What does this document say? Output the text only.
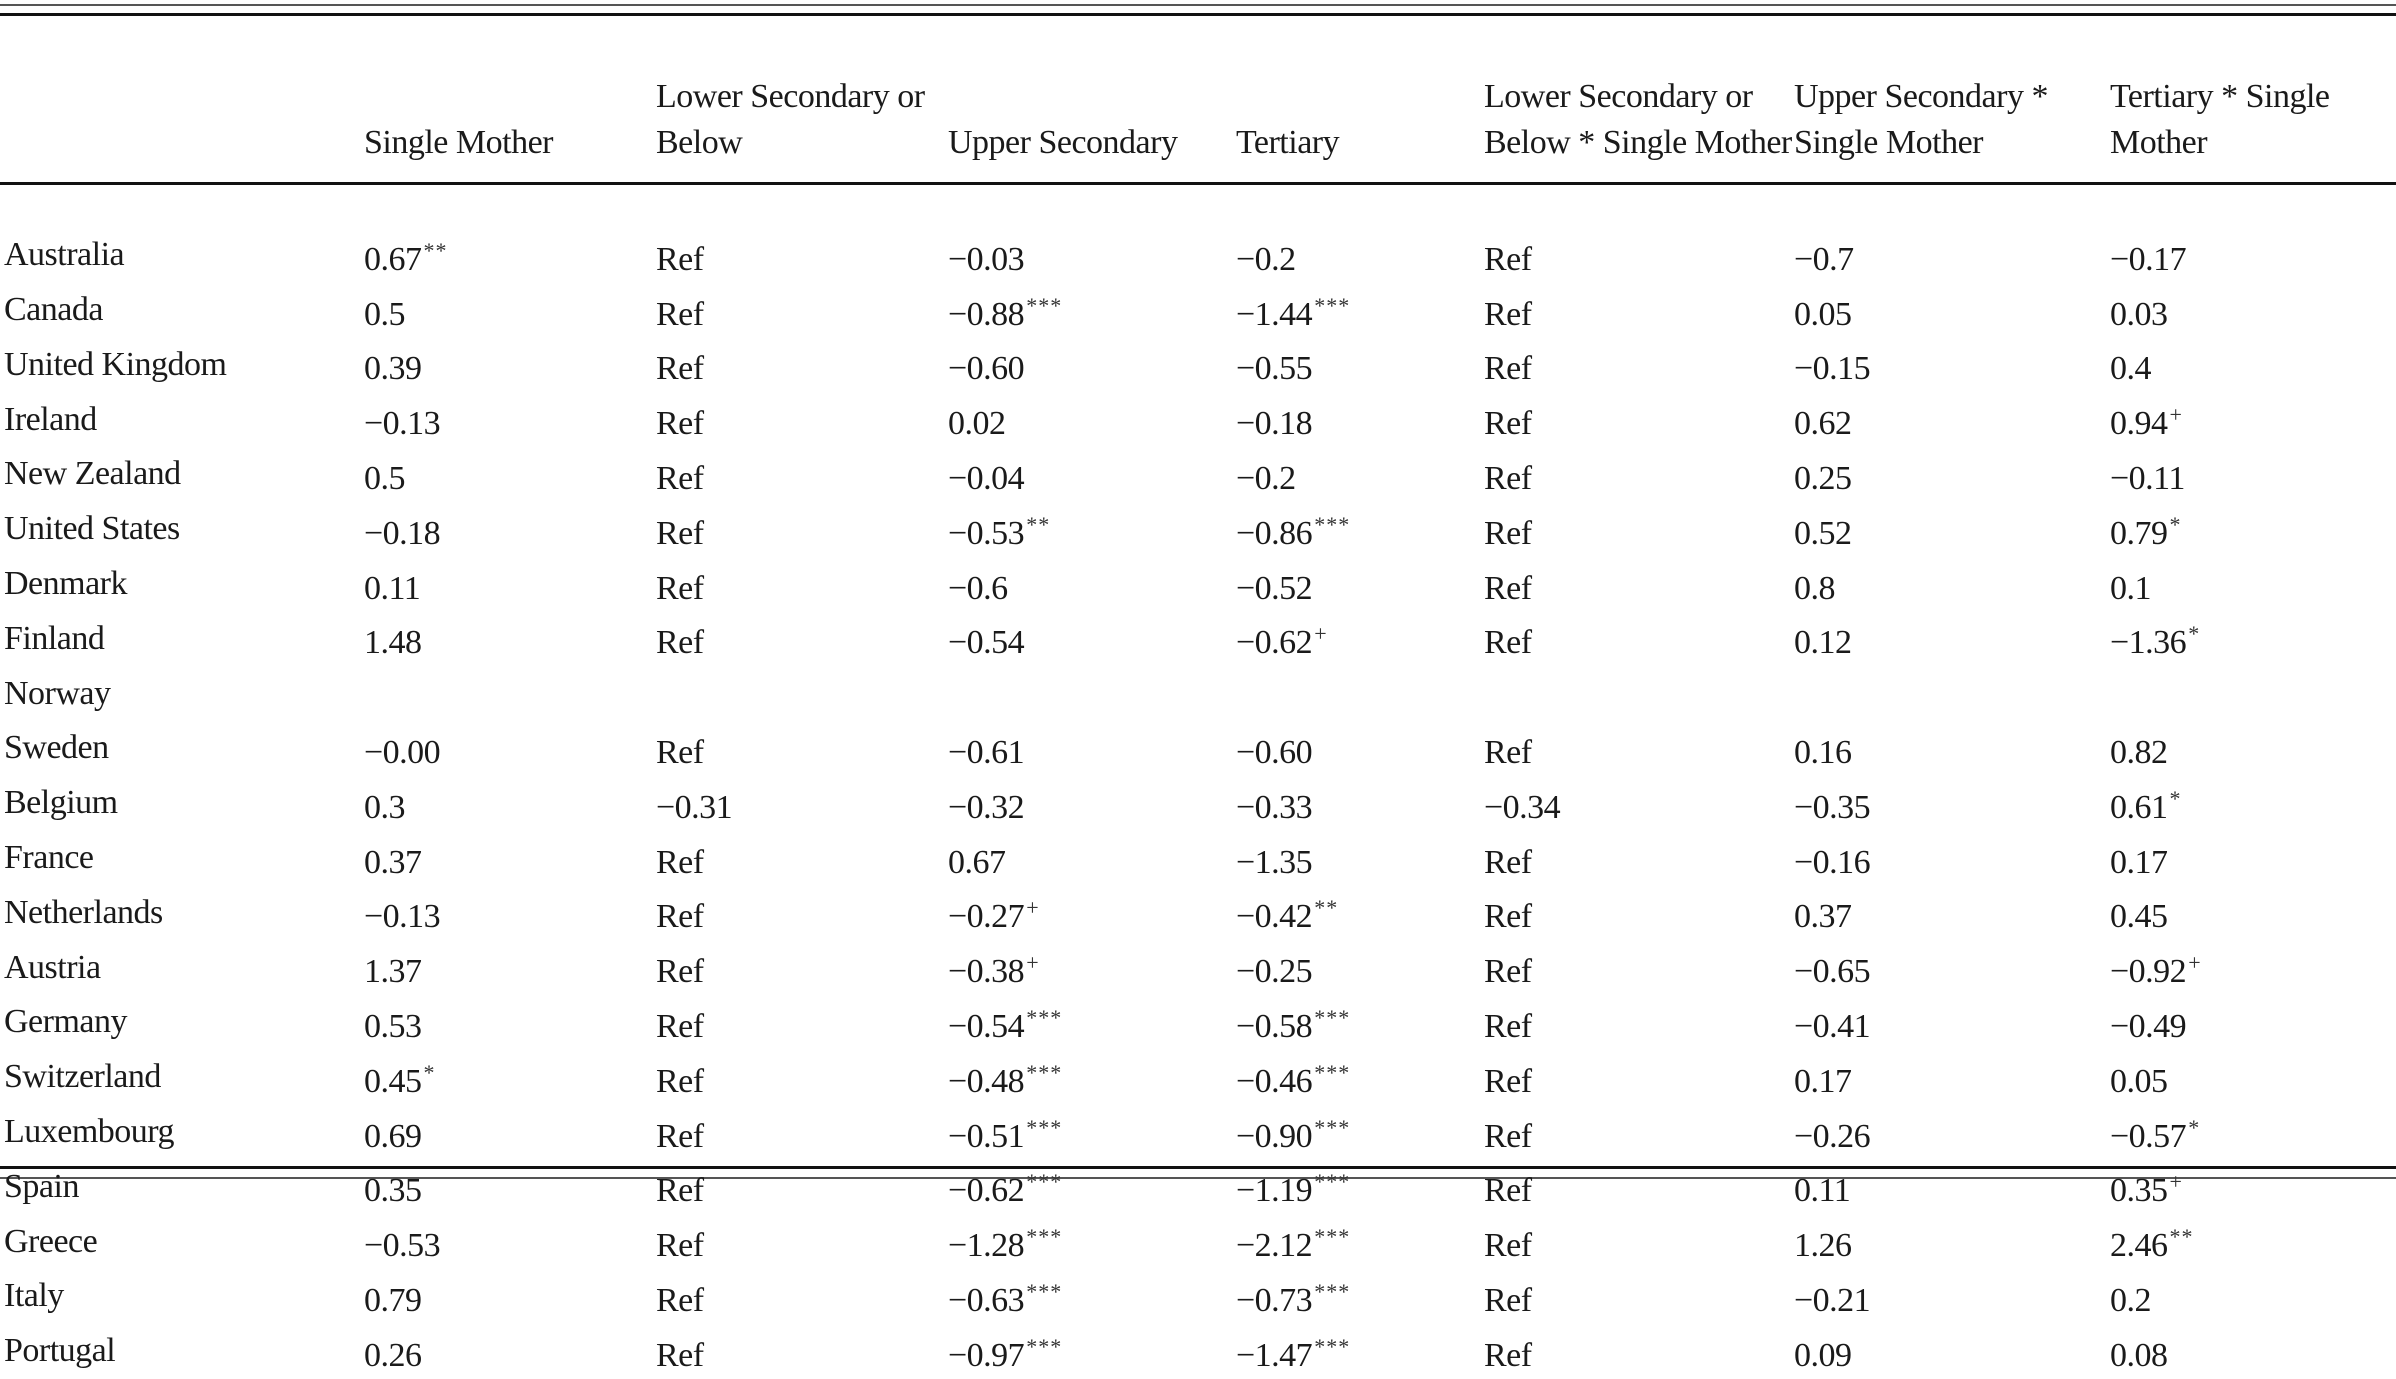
	Single Mother	Lower Secondary or Below	Upper Secondary	Tertiary	Lower Secondary or Below * Single Mother	Upper Secondary * Single Mother	Tertiary * Single Mother

Australia	0.67**	Ref	−0.03	−0.2	Ref	−0.7	−0.17
Canada	0.5	Ref	−0.88***	−1.44***	Ref	0.05	0.03
United Kingdom	0.39	Ref	−0.60	−0.55	Ref	−0.15	0.4
Ireland	−0.13	Ref	0.02	−0.18	Ref	0.62	0.94+
New Zealand	0.5	Ref	−0.04	−0.2	Ref	0.25	−0.11
United States	−0.18	Ref	−0.53**	−0.86***	Ref	0.52	0.79*
Denmark	0.11	Ref	−0.6	−0.52	Ref	0.8	0.1
Finland	1.48	Ref	−0.54	−0.62+	Ref	0.12	−1.36*
Norway							
Sweden	−0.00	Ref	−0.61	−0.60	Ref	0.16	0.82
Belgium	0.3	−0.31	−0.32	−0.33	−0.34	−0.35	0.61*
France	0.37	Ref	0.67	−1.35	Ref	−0.16	0.17
Netherlands	−0.13	Ref	−0.27+	−0.42**	Ref	0.37	0.45
Austria	1.37	Ref	−0.38+	−0.25	Ref	−0.65	−0.92+
Germany	0.53	Ref	−0.54***	−0.58***	Ref	−0.41	−0.49
Switzerland	0.45*	Ref	−0.48***	−0.46***	Ref	0.17	0.05
Luxembourg	0.69	Ref	−0.51***	−0.90***	Ref	−0.26	−0.57*
Spain	0.35	Ref	−0.62***	−1.19***	Ref	0.11	0.35+
Greece	−0.53	Ref	−1.28***	−2.12***	Ref	1.26	2.46**
Italy	0.79	Ref	−0.63***	−0.73***	Ref	−0.21	0.2
Portugal	0.26	Ref	−0.97***	−1.47***	Ref	0.09	0.08
